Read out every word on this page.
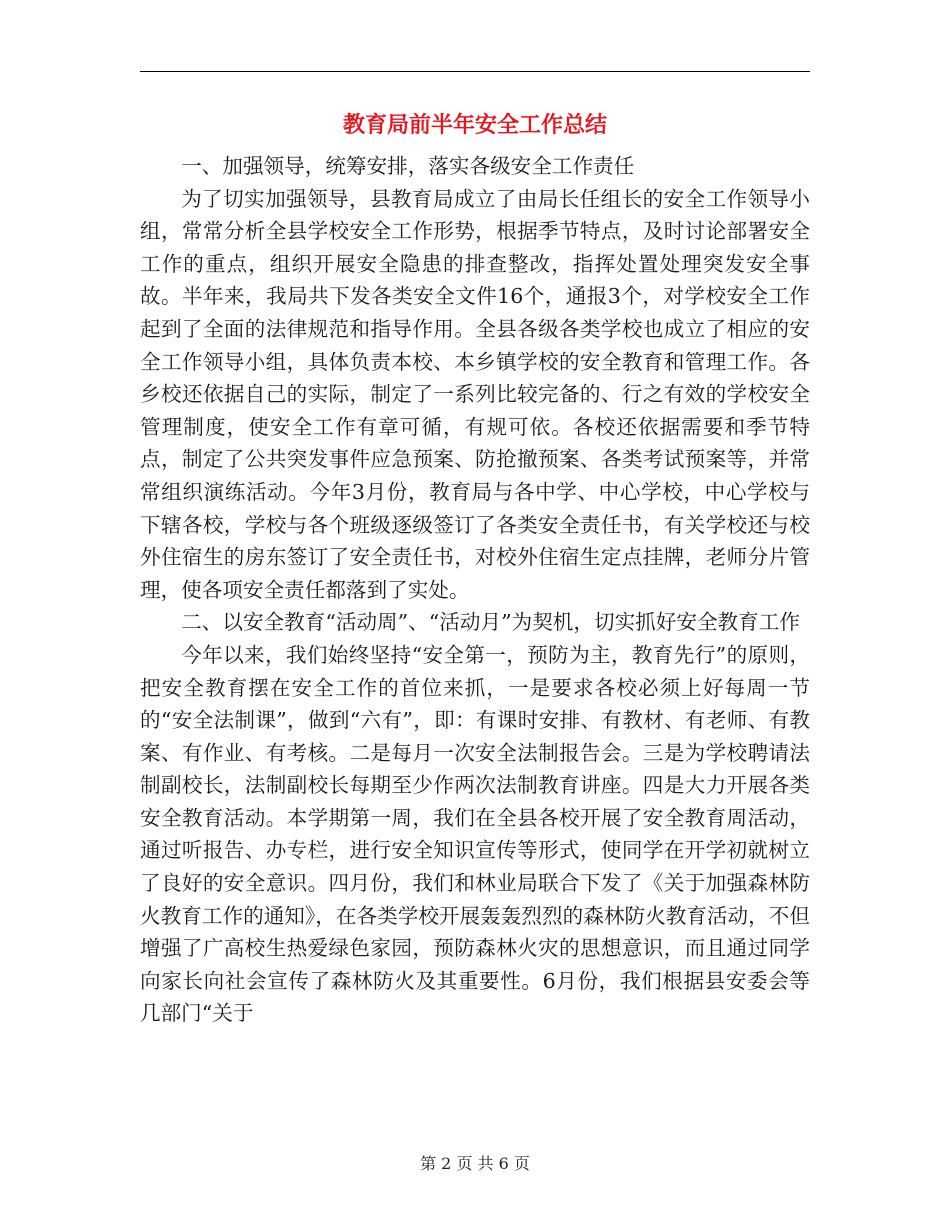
教育局前半年安全工作总结

一、加强领导，统筹安排，落实各级安全工作责任

为了切实加强领导，县教育局成立了由局长任组长的安全工作领导小组，常常分析全县学校安全工作形势，根据季节特点，及时讨论部署安全工作的重点，组织开展安全隐患的排查整改，指挥处置处理突发安全事故。半年来，我局共下发各类安全文件16个，通报3个，对学校安全工作起到了全面的法律规范和指导作用。全县各级各类学校也成立了相应的安全工作领导小组，具体负责本校、本乡镇学校的安全教育和管理工作。各乡校还依据自己的实际，制定了一系列比较完备的、行之有效的学校安全管理制度，使安全工作有章可循，有规可依。各校还依据需要和季节特点，制定了公共突发事件应急预案、防抢撤预案、各类考试预案等，并常常组织演练活动。今年3月份，教育局与各中学、中心学校，中心学校与下辖各校，学校与各个班级逐级签订了各类安全责任书，有关学校还与校外住宿生的房东签订了安全责任书，对校外住宿生定点挂牌，老师分片管理，使各项安全责任都落到了实处。

二、以安全教育“活动周”、“活动月”为契机，切实抓好安全教育工作

今年以来，我们始终坚持“安全第一，预防为主，教育先行”的原则，把安全教育摆在安全工作的首位来抓，一是要求各校必须上好每周一节的“安全法制课”，做到“六有”，即：有课时安排、有教材、有老师、有教案、有作业、有考核。二是每月一次安全法制报告会。三是为学校聘请法制副校长，法制副校长每期至少作两次法制教育讲座。四是大力开展各类安全教育活动。本学期第一周，我们在全县各校开展了安全教育周活动，通过听报告、办专栏，进行安全知识宣传等形式，使同学在开学初就树立了良好的安全意识。四月份，我们和林业局联合下发了《关于加强森林防火教育工作的通知》，在各类学校开展轰轰烈烈的森林防火教育活动，不但增强了广高校生热爱绿色家园，预防森林火灾的思想意识，而且通过同学向家长向社会宣传了森林防火及其重要性。6月份，我们根据县安委会等几部门“关于

第 2 页 共 6 页
